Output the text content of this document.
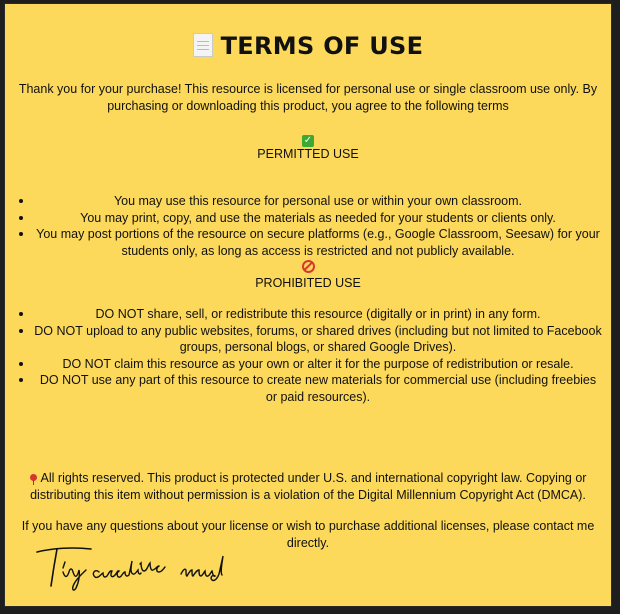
TERMS OF USE
Thank you for your purchase! This resource is licensed for personal use or single classroom use only. By purchasing or downloading this product, you agree to the following terms
✓
PERMITTED USE
You may use this resource for personal use or within your own classroom.
You may print, copy, and use the materials as needed for your students or clients only.
You may post portions of the resource on secure platforms (e.g., Google Classroom, Seesaw) for your students only, as long as access is restricted and not publicly available.
PROHIBITED USE
DO NOT share, sell, or redistribute this resource (digitally or in print) in any form.
DO NOT upload to any public websites, forums, or shared drives (including but not limited to Facebook groups, personal blogs, or shared Google Drives).
DO NOT claim this resource as your own or alter it for the purpose of redistribution or resale.
DO NOT use any part of this resource to create new materials for commercial use (including freebies or paid resources).
All rights reserved. This product is protected under U.S. and international copyright law. Copying or distributing this item without permission is a violation of the Digital Millennium Copyright Act (DMCA).
If you have any questions about your license or wish to purchase additional licenses, please contact me directly.
